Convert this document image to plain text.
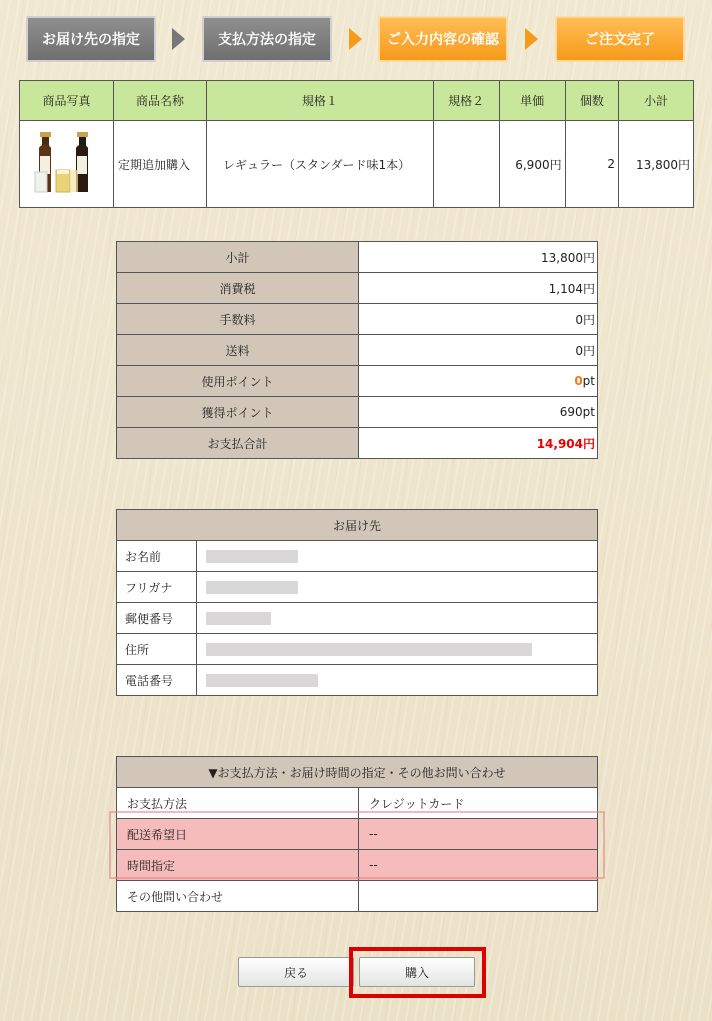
お届け先の指定	支払方法の指定	ご入力内容の確認	ご注文完了
商品写真	商品名称	規格１	規格２	単価	個数	小計
	定期追加購入	レギュラー（スタンダード味1本）		6,900円	2	13,800円
小計	13,800円
消費税	1,104円
手数料	0円
送料	0円
使用ポイント	0pt
獲得ポイント	690pt
お支払合計	14,904円
お届け先	
お名前	
フリガナ	
郵便番号	
住所	
電話番号	
▼お支払方法・お届け時間の指定・その他お問い合わせ	
お支払方法	クレジットカード
配送希望日	--
時間指定	--
その他問い合わせ	
戻る	購入
